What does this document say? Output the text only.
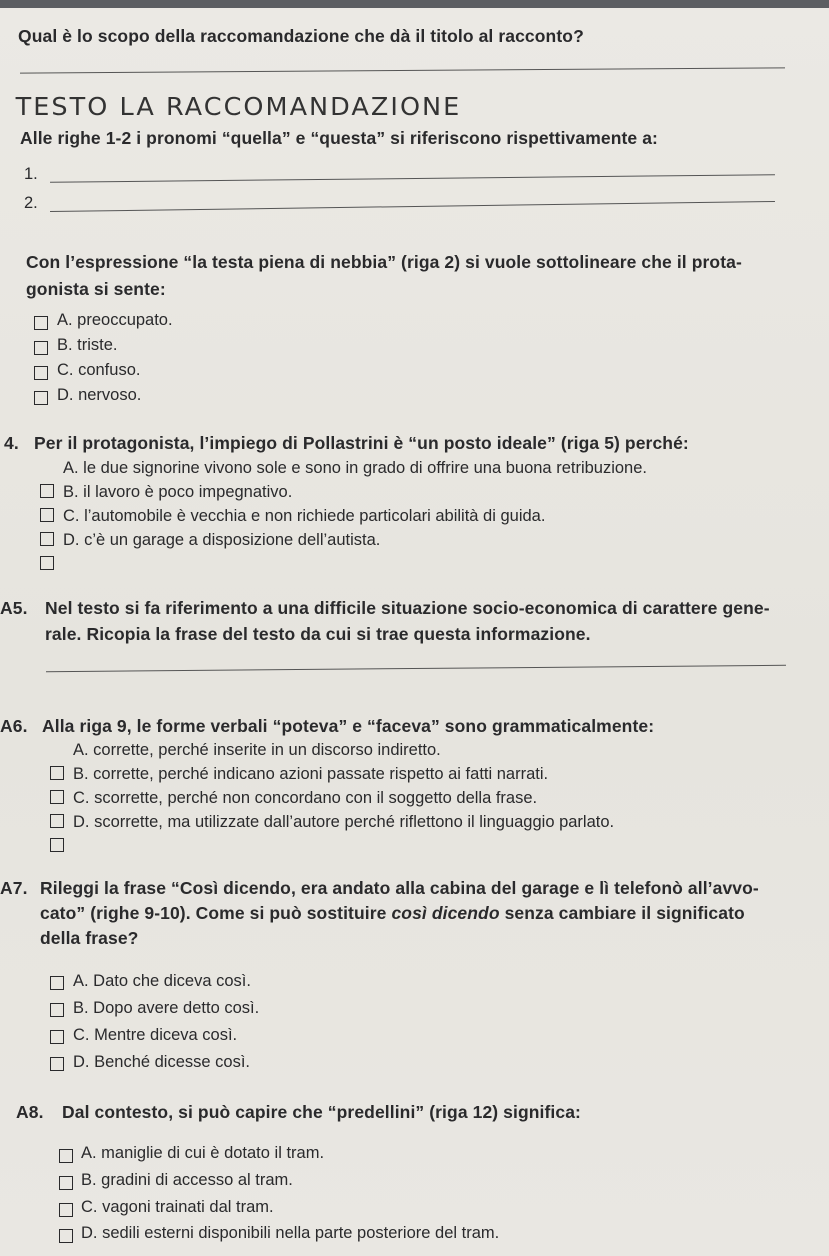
Qual è lo scopo della raccomandazione che dà il titolo al racconto?
TESTO LA RACCOMANDAZIONE
Alle righe 1-2 i pronomi “quella” e “questa” si riferiscono rispettivamente a:
1.
2.
Con l’espressione “la testa piena di nebbia” (riga 2) si vuole sottolineare che il prota-
gonista si sente:
A. preoccupato.
B. triste.
C. confuso.
D. nervoso.
4. Per il protagonista, l’impiego di Pollastrini è “un posto ideale” (riga 5) perché:
A. le due signorine vivono sole e sono in grado di offrire una buona retribuzione.
B. il lavoro è poco impegnativo.
C. l’automobile è vecchia e non richiede particolari abilità di guida.
D. c’è un garage a disposizione dell’autista.
A5. Nel testo si fa riferimento a una difficile situazione socio-economica di carattere gene-
rale. Ricopia la frase del testo da cui si trae questa informazione.
A6. Alla riga 9, le forme verbali “poteva” e “faceva” sono grammaticalmente:
A. corrette, perché inserite in un discorso indiretto.
B. corrette, perché indicano azioni passate rispetto ai fatti narrati.
C. scorrette, perché non concordano con il soggetto della frase.
D. scorrette, ma utilizzate dall’autore perché riflettono il linguaggio parlato.
A7. Rileggi la frase “Così dicendo, era andato alla cabina del garage e lì telefonò all’avvo-
cato” (righe 9-10). Come si può sostituire così dicendo senza cambiare il significato
della frase?
A. Dato che diceva così.
B. Dopo avere detto così.
C. Mentre diceva così.
D. Benché dicesse così.
A8. Dal contesto, si può capire che “predellini” (riga 12) significa:
A. maniglie di cui è dotato il tram.
B. gradini di accesso al tram.
C. vagoni trainati dal tram.
D. sedili esterni disponibili nella parte posteriore del tram.
